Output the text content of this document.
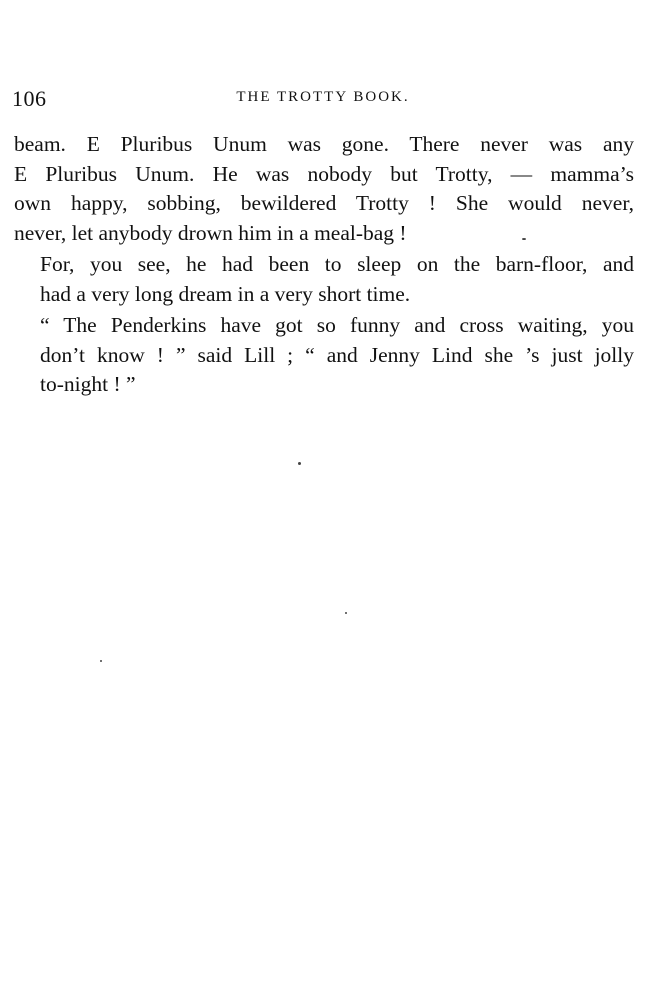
106	THE TROTTY BOOK.

beam. E Pluribus Unum was gone. There never was any
E Pluribus Unum. He was nobody but Trotty, — mamma’s
own happy, sobbing, bewildered Trotty ! She would never,
never, let anybody drown him in a meal-bag !

For, you see, he had been to sleep on the barn-floor, and
had a very long dream in a very short time.

“ The Penderkins have got so funny and cross waiting, you
don’t know ! ” said Lill ; “ and Jenny Lind she ’s just jolly
to-night ! ”
